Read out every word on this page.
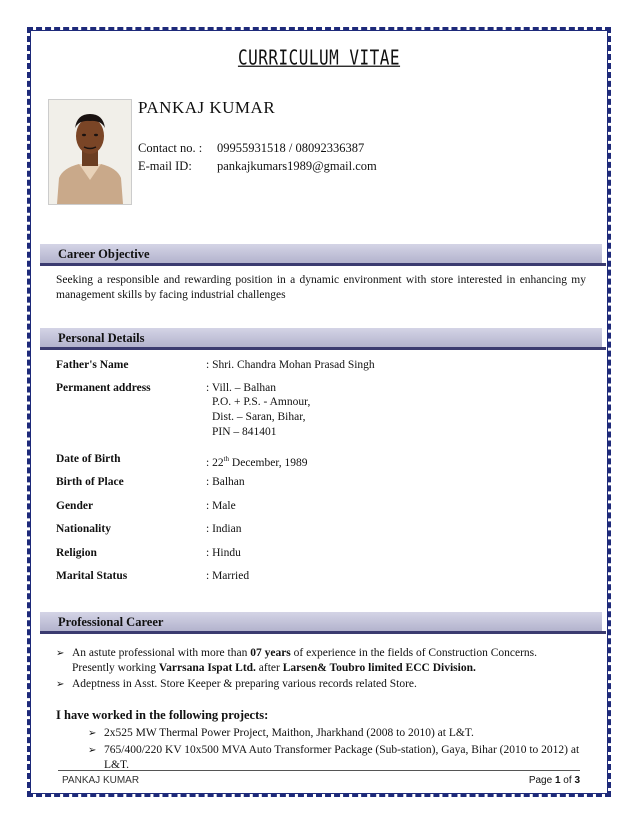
CURRICULUM VITAE
PANKAJ KUMAR
Contact no. : 09955931518 / 08092336387
E-mail ID: pankajkumars1989@gmail.com
Career Objective
Seeking a responsible and rewarding position in a dynamic environment with store interested in enhancing my management skills by facing industrial challenges
Personal Details
Father's Name	: Shri. Chandra Mohan Prasad Singh
Permanent address	: Vill. – Balhan
P.O. + P.S. - Amnour,
Dist. – Saran, Bihar,
PIN – 841401
Date of Birth	: 22th December, 1989
Birth of Place	: Balhan
Gender	: Male
Nationality	: Indian
Religion	: Hindu
Marital Status	: Married
Professional Career
➢ An astute professional with more than 07 years of experience in the fields of Construction Concerns.
Presently working Varrsana Ispat Ltd. after Larsen& Toubro limited ECC Division.
➢ Adeptness in Asst. Store Keeper & preparing various records related Store.
I have worked in the following projects:
➢ 2x525 MW Thermal Power Project, Maithon, Jharkhand (2008 to 2010) at L&T.
➢ 765/400/220 KV 10x500 MVA Auto Transformer Package (Sub-station), Gaya, Bihar (2010 to 2012) at
L&T.
PANKAJ KUMAR	Page 1 of 3
